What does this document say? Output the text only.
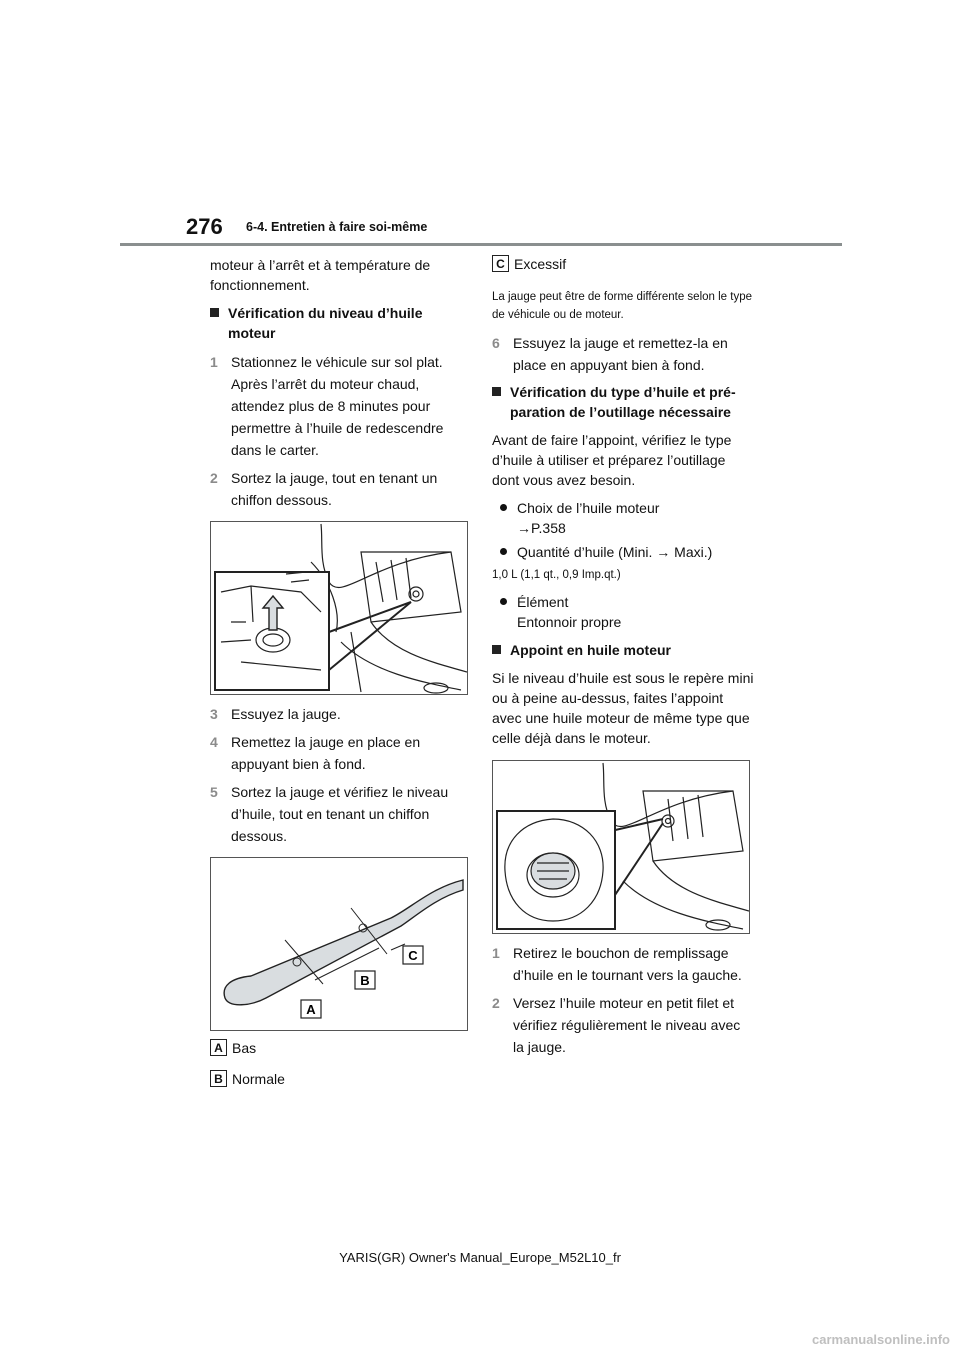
276 6-4. Entretien à faire soi-même

moteur à l’arrêt et à température de fonctionnement.

Vérification du niveau d’huile moteur
1 Stationnez le véhicule sur sol plat. Après l’arrêt du moteur chaud, attendez plus de 8 minutes pour permettre à l’huile de redescendre dans le carter.
2 Sortez la jauge, tout en tenant un chiffon dessous.
3 Essuyez la jauge.
4 Remettez la jauge en place en appuyant bien à fond.
5 Sortez la jauge et vérifiez le niveau d’huile, tout en tenant un chiffon dessous.
A
B
C
A Bas
B Normale
C Excessif

La jauge peut être de forme différente selon le type de véhicule ou de moteur.

6 Essuyez la jauge et remettez-la en place en appuyant bien à fond.
Vérification du type d’huile et préparation de l’outillage nécessaire

Avant de faire l’appoint, vérifiez le type d’huile à utiliser et préparez l’outillage dont vous avez besoin.

Choix de l’huile moteur
→P.358
Quantité d’huile (Mini. → Maxi.)

1,0 L (1,1 qt., 0,9 Imp.qt.)

Élément
Entonnoir propre
Appoint en huile moteur

Si le niveau d’huile est sous le repère mini ou à peine au-dessus, faites l’appoint avec une huile moteur de même type que celle déjà dans le moteur.

1 Retirez le bouchon de remplissage d’huile en le tournant vers la gauche.
2 Versez l’huile moteur en petit filet et vérifiez régulièrement le niveau avec la jauge.
YARIS(GR) Owner's Manual_Europe_M52L10_fr
carmanualsonline.info
